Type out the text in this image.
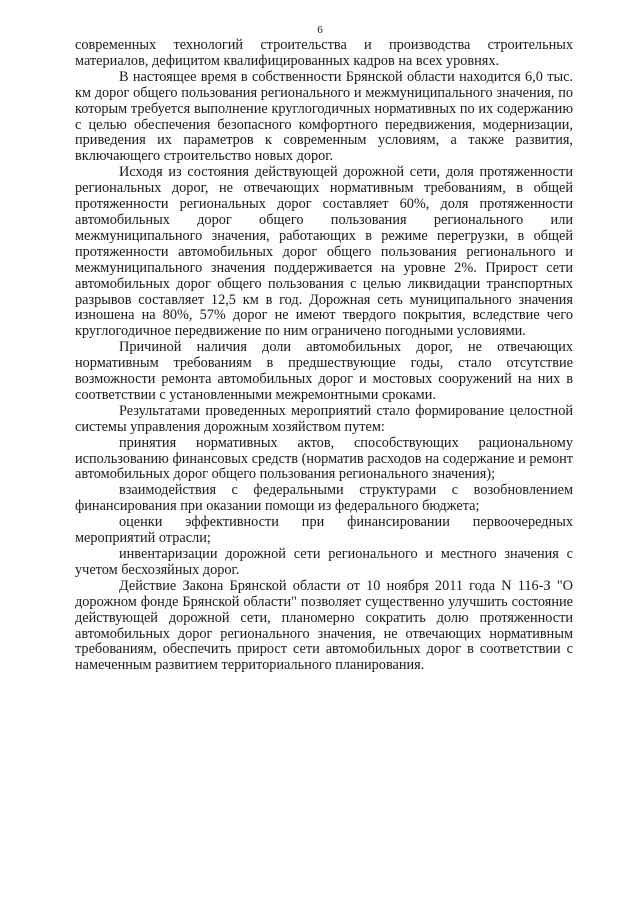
6

современных технологий строительства и производства строительных материалов, дефицитом квалифицированных кадров на всех уровнях.

В настоящее время в собственности Брянской области находится 6,0 тыс. км дорог общего пользования регионального и межмуниципального значения, по которым требуется выполнение круглогодичных нормативных по их содержанию с целью обеспечения безопасного комфортного передвижения, модернизации, приведения их параметров к современным условиям, а также развития, включающего строительство новых дорог.

Исходя из состояния действующей дорожной сети, доля протяженности региональных дорог, не отвечающих нормативным требованиям, в общей протяженности региональных дорог составляет 60%, доля протяженности автомобильных дорог общего пользования регионального или межмуниципального значения, работающих в режиме перегрузки, в общей протяженности автомобильных дорог общего пользования регионального и межмуниципального значения поддерживается на уровне 2%. Прирост сети автомобильных дорог общего пользования с целью ликвидации транспортных разрывов составляет 12,5 км в год. Дорожная сеть муниципального значения изношена на 80%, 57% дорог не имеют твердого покрытия, вследствие чего круглогодичное передвижение по ним ограничено погодными условиями.

Причиной наличия доли автомобильных дорог, не отвечающих нормативным требованиям в предшествующие годы, стало отсутствие возможности ремонта автомобильных дорог и мостовых сооружений на них в соответствии с установленными межремонтными сроками.

Результатами проведенных мероприятий стало формирование целостной системы управления дорожным хозяйством путем:

принятия нормативных актов, способствующих рациональному использованию финансовых средств (норматив расходов на содержание и ремонт автомобильных дорог общего пользования регионального значения);

взаимодействия с федеральными структурами с возобновлением финансирования при оказании помощи из федерального бюджета;

оценки эффективности при финансировании первоочередных мероприятий отрасли;

инвентаризации дорожной сети регионального и местного значения с учетом бесхозяйных дорог.

Действие Закона Брянской области от 10 ноября 2011 года N 116-З "О дорожном фонде Брянской области" позволяет существенно улучшить состояние действующей дорожной сети, планомерно сократить долю протяженности автомобильных дорог регионального значения, не отвечающих нормативным требованиям, обеспечить прирост сети автомобильных дорог в соответствии с намеченным развитием территориального планирования.
